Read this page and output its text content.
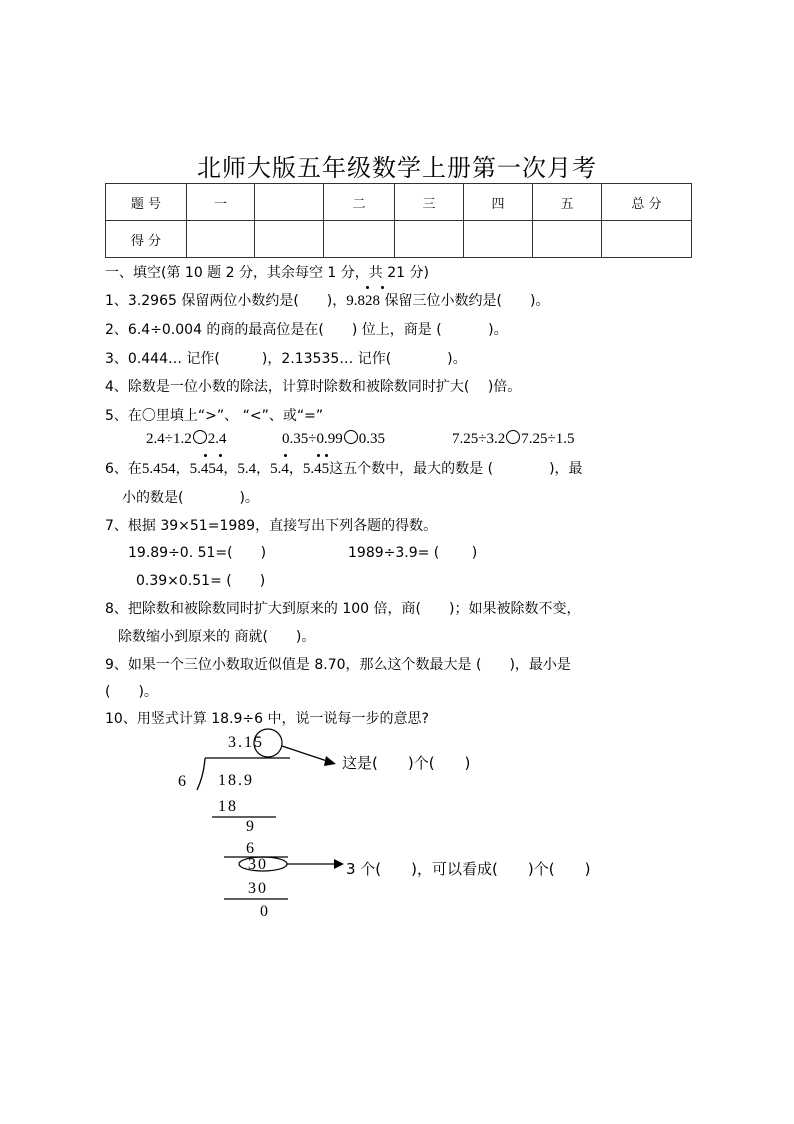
北师大版五年级数学上册第一次月考
题 号	一		二	三	四	五	总 分
得 分							
一、填空(第 10 题 2 分，其余每空 1 分，共 21 分)
1、3.2965 保留两位小数约是(　　)，9.828 保留三位小数约是(　　)。
2、6.4÷0.004 的商的最高位是在(　　) 位上，商是 (　　　 )。
3、0.444… 记作(　　　)，2.13535… 记作(　　　　)。
4、除数是一位小数的除法，计算时除数和被除数同时扩大(　 )倍。
5、在〇里填上“>”、 “<”、或“=”
2.4÷1.2 2.4	0.35÷0.99 0.35	7.25÷3.2 7.25÷1.5
6、在5.454，5.454
，5.4，5.4
，5.45
这五个数中，最大的数是 (　　　　)，最
小的数是(　　　　)。
7、根据 39×51=1989，直接写出下列各题的得数。
19.89÷0. 51=(　　)	1989÷3.9= (　　 )
0.39×0.51= (　　)
8、把除数和被除数同时扩大到原来的 100 倍，商(　　)；如果被除数不变，
除数缩小到原来的 商就(　　)。
9、如果一个三位小数取近似值是 8.70，那么这个数最大是 (　　)，最小是
(　　)。
10、用竖式计算 18.9÷6 中，说一说每一步的意思?
3.15
6 18.9
18
9
6
30
30
0
这是(　　)个(　　)
3 个(　　)，可以看成(　　)个(　　)
